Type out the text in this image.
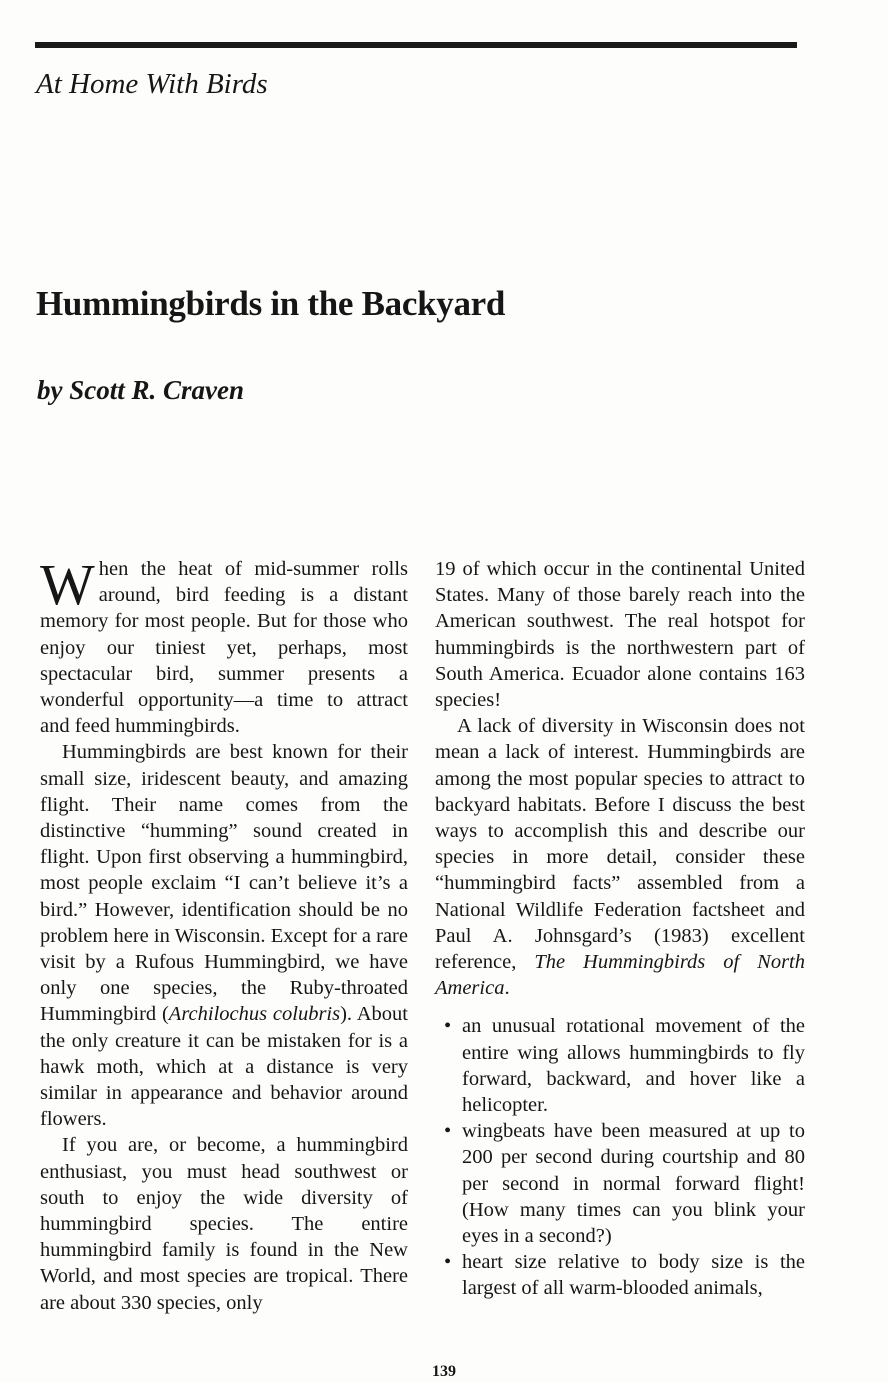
At Home With Birds
Hummingbirds in the Backyard
by Scott R. Craven

When the heat of mid-summer rolls around, bird feeding is a distant memory for most people. But for those who enjoy our tiniest yet, perhaps, most spectacular bird, summer presents a wonderful opportunity—a time to attract and feed hummingbirds.

Hummingbirds are best known for their small size, iridescent beauty, and amazing flight. Their name comes from the distinctive “humming” sound created in flight. Upon first observing a hummingbird, most people exclaim “I can’t believe it’s a bird.” However, identification should be no problem here in Wisconsin. Except for a rare visit by a Rufous Hummingbird, we have only one species, the Ruby-throated Hummingbird (Archilochus colubris). About the only creature it can be mistaken for is a hawk moth, which at a distance is very similar in appearance and behavior around flowers.

If you are, or become, a hummingbird enthusiast, you must head southwest or south to enjoy the wide diversity of hummingbird species. The entire hummingbird family is found in the New World, and most species are tropical. There are about 330 species, only

19 of which occur in the continental United States. Many of those barely reach into the American southwest. The real hotspot for hummingbirds is the northwestern part of South America. Ecuador alone contains 163 species!

A lack of diversity in Wisconsin does not mean a lack of interest. Hummingbirds are among the most popular species to attract to backyard habitats. Before I discuss the best ways to accomplish this and describe our species in more detail, consider these “hummingbird facts” assembled from a National Wildlife Federation factsheet and Paul A. Johnsgard’s (1983) excellent reference, The Hummingbirds of North America.

• an unusual rotational movement of the entire wing allows hummingbirds to fly forward, backward, and hover like a helicopter.
• wingbeats have been measured at up to 200 per second during courtship and 80 per second in normal forward flight! (How many times can you blink your eyes in a second?)
• heart size relative to body size is the largest of all warm-blooded animals,
139
